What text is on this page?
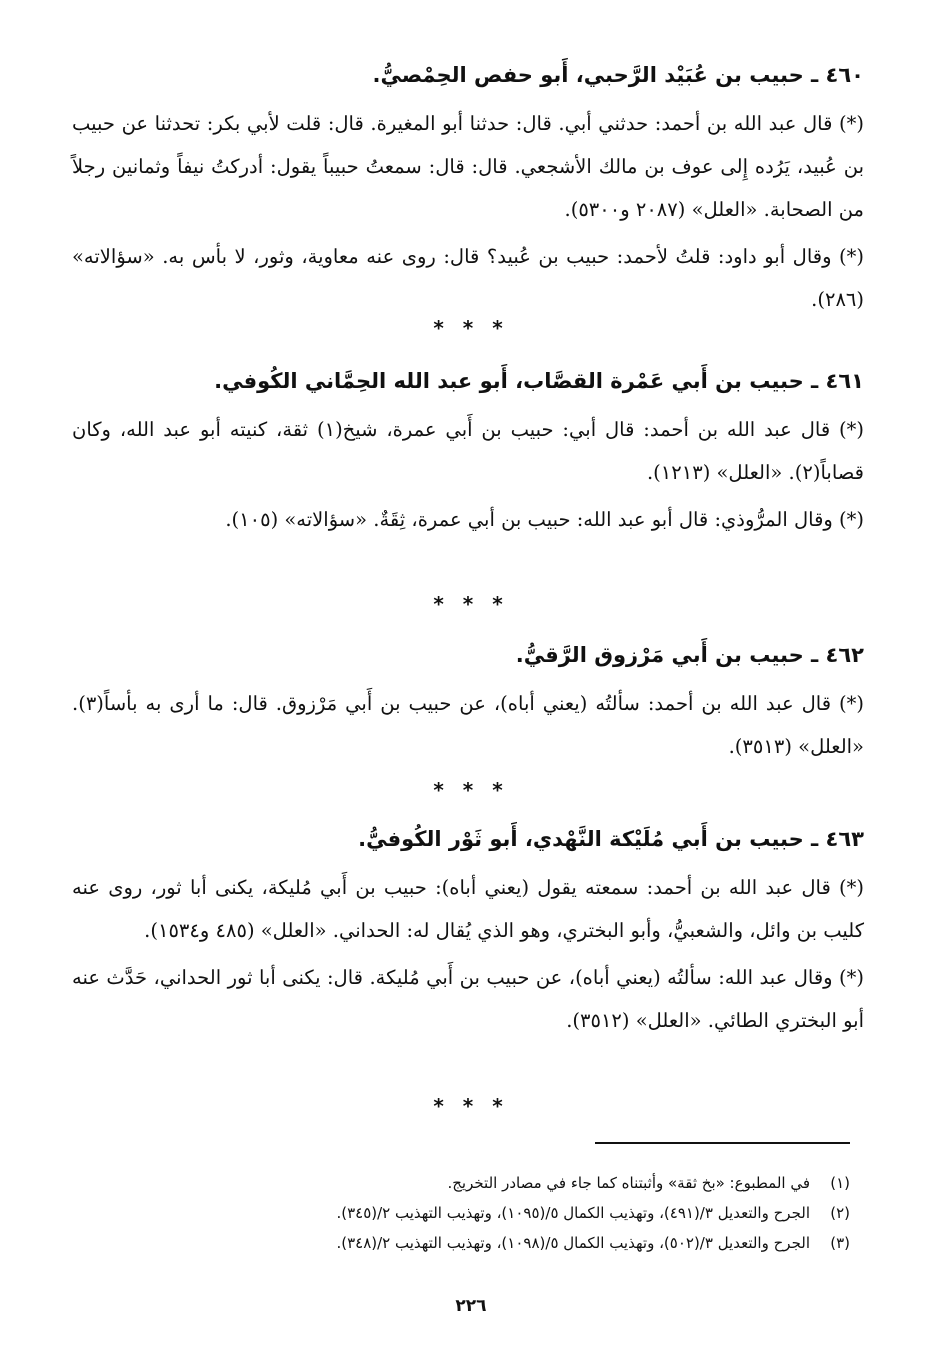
٤٦٠ ـ حبيب بن عُبَيْد الرَّحبي، أَبو حفص الحِمْصيُّ.

(*) قال عبد الله بن أحمد: حدثني أبي. قال: حدثنا أبو المغيرة. قال: قلت لأبي بكر: تحدثنا عن حبيب بن عُبيد، يَرُده إِلى عوف بن مالك الأشجعي. قال: قال: سمعتُ حبيباً يقول: أدركتُ نيفاً وثمانين رجلاً من الصحابة. «العلل» (٢٠٨٧ و٥٣٠٠).

(*) وقال أبو داود: قلتُ لأحمد: حبيب بن عُبيد؟ قال: روى عنه معاوية، وثور، لا بأس به. «سؤالاته» (٢٨٦).

* * *
٤٦١ ـ حبيب بن أَبي عَمْرة القصَّاب، أَبو عبد الله الحِمَّاني الكُوفي.

(*) قال عبد الله بن أحمد: قال أبي: حبيب بن أَبي عمرة، شيخ(١) ثقة، كنيته أبو عبد الله، وكان قصاباً(٢). «العلل» (١٢١٣).

(*) وقال المرُّوذي: قال أبو عبد الله: حبيب بن أبي عمرة، ثِقَةٌ. «سؤالاته» (١٠٥).

* * *
٤٦٢ ـ حبيب بن أَبي مَرْزوق الرَّقيُّ.

(*) قال عبد الله بن أحمد: سألتُه (يعني أباه)، عن حبيب بن أَبي مَرْزوق. قال: ما أرى به بأساً(٣). «العلل» (٣٥١٣).

* * *
٤٦٣ ـ حبيب بن أَبي مُلَيْكة النَّهْدي، أَبو ثَوْر الكُوفيُّ.

(*) قال عبد الله بن أحمد: سمعته يقول (يعني أباه): حبيب بن أَبي مُليكة، يكنى أبا ثور، روى عنه كليب بن وائل، والشعبيُّ، وأبو البختري، وهو الذي يُقال له: الحداني. «العلل» (٤٨٥ و١٥٣٤).

(*) وقال عبد الله: سألتُه (يعني أباه)، عن حبيب بن أَبي مُليكة. قال: يكنى أبا ثور الحداني، حَدَّث عنه أبو البختري الطائي. «العلل» (٣٥١٢).

* * *
(١)
في المطبوع: «بخ ثقة» وأثبتناه كما جاء في مصادر التخريج.
(٢)
الجرح والتعديل ٣/(٤٩١)، وتهذيب الكمال ٥/(١٠٩٥)، وتهذيب التهذيب ٢/(٣٤٥).
(٣)
الجرح والتعديل ٣/(٥٠٢)، وتهذيب الكمال ٥/(١٠٩٨)، وتهذيب التهذيب ٢/(٣٤٨).
٢٢٦
